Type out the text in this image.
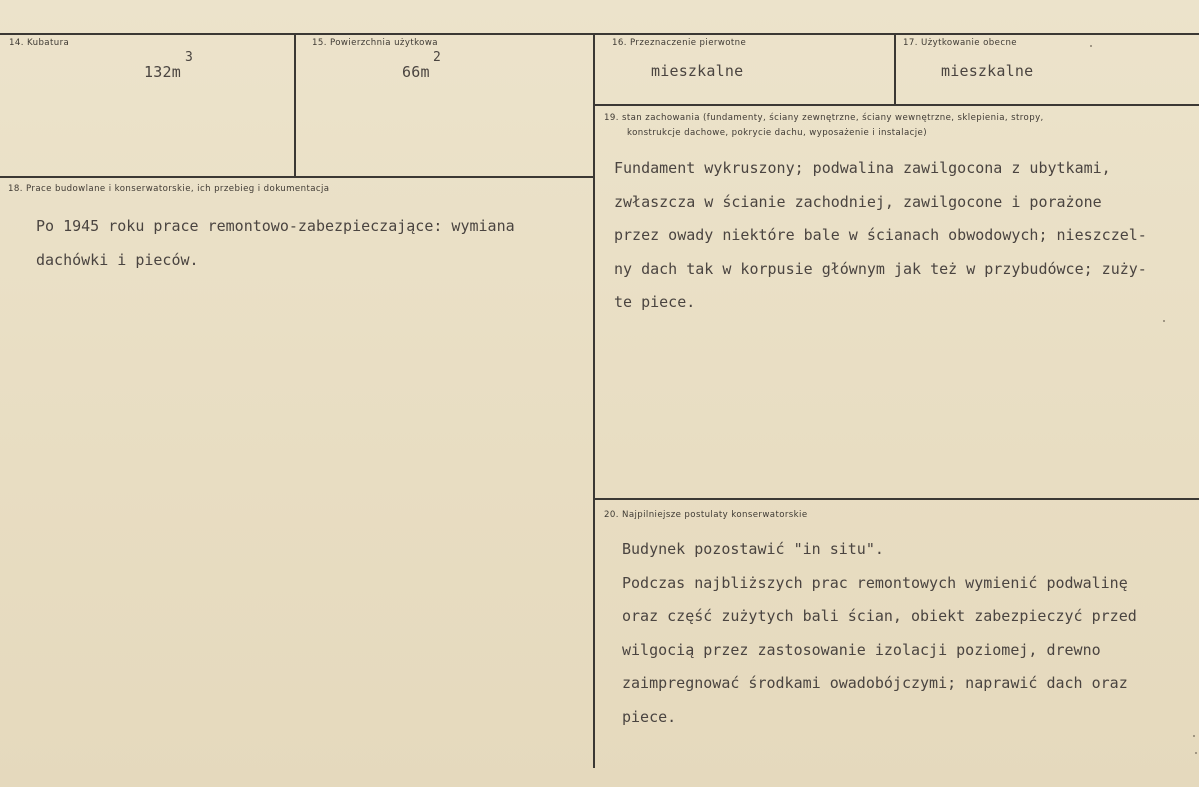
14. Kubatura
132m
3
15. Powierzchnia użytkowa
66m
2
16. Przeznaczenie pierwotne
mieszkalne
17. Użytkowanie obecne
mieszkalne
19. stan zachowania (fundamenty, ściany zewnętrzne, ściany wewnętrzne, sklepienia, stropy,
konstrukcje dachowe, pokrycie dachu, wyposażenie i instalacje)
Fundament wykruszony; podwalina zawilgocona z ubytkami,
zwłaszcza w ścianie zachodniej, zawilgocone i porażone
przez owady niektóre bale w ścianach obwodowych; nieszczel-
ny dach tak w korpusie głównym jak też w przybudówce; zuży-
te piece.
18. Prace budowlane i konserwatorskie, ich przebieg i dokumentacja
Po 1945 roku prace remontowo-zabezpieczające: wymiana
dachówki i pieców.
20. Najpilniejsze postulaty konserwatorskie
Budynek pozostawić "in situ".
Podczas najbliższych prac remontowych wymienić podwalinę
oraz część zużytych bali ścian, obiekt zabezpieczyć przed
wilgocią przez zastosowanie izolacji poziomej, drewno
zaimpregnować środkami owadobójczymi; naprawić dach oraz
piece.
